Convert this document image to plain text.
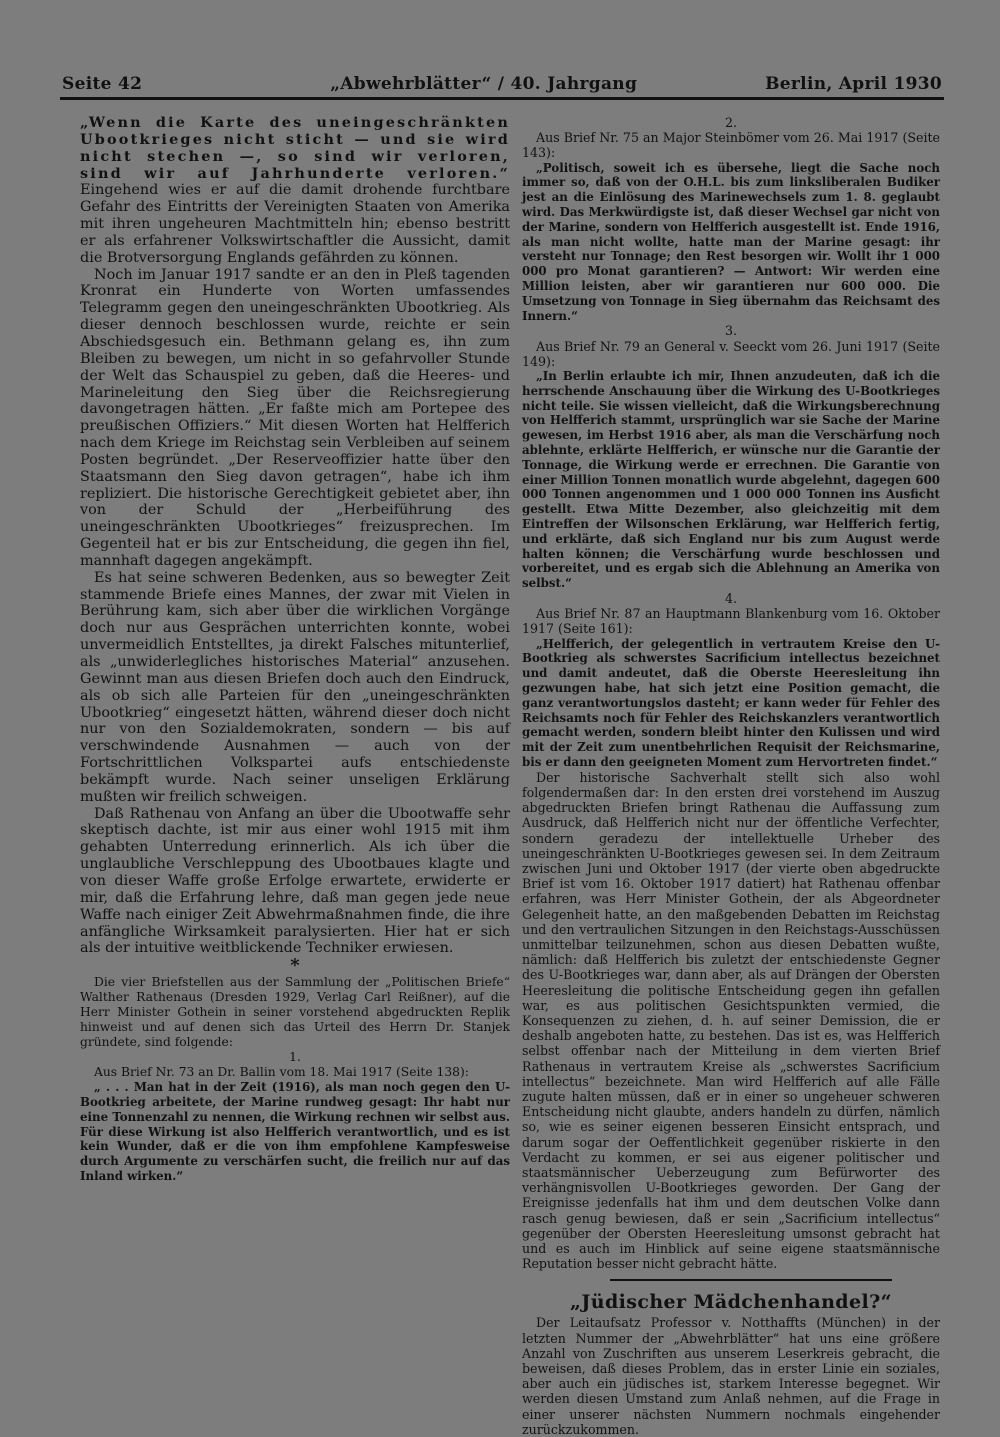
Seite 42	„Abwehrblätter“ / 40. Jahrgang	Berlin, April 1930

„Wenn die Karte des uneingeschränkten Ubootkrieges nicht sticht — und sie wird nicht stechen —, so sind wir verloren, sind wir auf Jahrhunderte verloren.“ Eingehend wies er auf die damit drohende furchtbare Gefahr des Eintritts der Vereinigten Staaten von Amerika mit ihren ungeheuren Machtmitteln hin; ebenso bestritt er als erfahrener Volkswirtschaftler die Aussicht, damit die Brotversorgung Englands gefährden zu können.

Noch im Januar 1917 sandte er an den in Pleß tagenden Kronrat ein Hunderte von Worten umfassendes Telegramm gegen den uneingeschränkten Ubootkrieg. Als dieser dennoch beschlossen wurde, reichte er sein Abschiedsgesuch ein. Bethmann gelang es, ihn zum Bleiben zu bewegen, um nicht in so gefahrvoller Stunde der Welt das Schauspiel zu geben, daß die Heeres- und Marineleitung den Sieg über die Reichsregierung davongetragen hätten. „Er faßte mich am Portepee des preußischen Offiziers.“ Mit diesen Worten hat Helfferich nach dem Kriege im Reichstag sein Verbleiben auf seinem Posten begründet. „Der Reserveoffizier hatte über den Staatsmann den Sieg davon getragen“, habe ich ihm repliziert. Die historische Gerechtigkeit gebietet aber, ihn von der Schuld der „Herbeiführung des uneingeschränkten Ubootkrieges“ freizusprechen. Im Gegenteil hat er bis zur Entscheidung, die gegen ihn fiel, mannhaft dagegen angekämpft.

Es hat seine schweren Bedenken, aus so bewegter Zeit stammende Briefe eines Mannes, der zwar mit Vielen in Berührung kam, sich aber über die wirklichen Vorgänge doch nur aus Gesprächen unterrichten konnte, wobei unvermeidlich Entstelltes, ja direkt Falsches mitunterlief, als „unwiderlegliches historisches Material“ anzusehen. Gewinnt man aus diesen Briefen doch auch den Eindruck, als ob sich alle Parteien für den „uneingeschränkten Ubootkrieg“ eingesetzt hätten, während dieser doch nicht nur von den Sozialdemokraten, sondern — bis auf verschwindende Ausnahmen — auch von der Fortschrittlichen Volkspartei aufs entschiedenste bekämpft wurde. Nach seiner unseligen Erklärung mußten wir freilich schweigen.

Daß Rathenau von Anfang an über die Ubootwaffe sehr skeptisch dachte, ist mir aus einer wohl 1915 mit ihm gehabten Unterredung erinnerlich. Als ich über die unglaubliche Verschleppung des Ubootbaues klagte und von dieser Waffe große Erfolge erwartete, erwiderte er mir, daß die Erfahrung lehre, daß man gegen jede neue Waffe nach einiger Zeit Abwehrmaßnahmen finde, die ihre anfängliche Wirksamkeit paralysierten. Hier hat er sich als der intuitive weitblickende Techniker erwiesen.

*

Die vier Briefstellen aus der Sammlung der „Politischen Briefe“ Walther Rathenaus (Dresden 1929, Verlag Carl Reißner), auf die Herr Minister Gothein in seiner vorstehend abgedruckten Replik hinweist und auf denen sich das Urteil des Herrn Dr. Stanjek gründete, sind folgende:

1.

Aus Brief Nr. 73 an Dr. Ballin vom 18. Mai 1917 (Seite 138):

„ . . . Man hat in der Zeit (1916), als man noch gegen den U-Bootkrieg arbeitete, der Marine rundweg gesagt: Ihr habt nur eine Tonnenzahl zu nennen, die Wirkung rechnen wir selbst aus. Für diese Wirkung ist also Helfferich verantwortlich, und es ist kein Wunder, daß er die von ihm empfohlene Kampfesweise durch Argumente zu verschärfen sucht, die freilich nur auf das Inland wirken.“

2.

Aus Brief Nr. 75 an Major Steinbömer vom 26. Mai 1917 (Seite 143):

„Politisch, soweit ich es übersehe, liegt die Sache noch immer so, daß von der O.H.L. bis zum linksliberalen Budiker jest an die Einlösung des Marinewechsels zum 1. 8. geglaubt wird. Das Merkwürdigste ist, daß dieser Wechsel gar nicht von der Marine, sondern von Helfferich ausgestellt ist. Ende 1916, als man nicht wollte, hatte man der Marine gesagt: ihr versteht nur Tonnage; den Rest besorgen wir. Wollt ihr 1 000 000 pro Monat garantieren? — Antwort: Wir werden eine Million leisten, aber wir garantieren nur 600 000. Die Umsetzung von Tonnage in Sieg übernahm das Reichsamt des Innern.“

3.

Aus Brief Nr. 79 an General v. Seeckt vom 26. Juni 1917 (Seite 149):

„In Berlin erlaubte ich mir, Ihnen anzudeuten, daß ich die herrschende Anschauung über die Wirkung des U-Bootkrieges nicht teile. Sie wissen vielleicht, daß die Wirkungsberechnung von Helfferich stammt, ursprünglich war sie Sache der Marine gewesen, im Herbst 1916 aber, als man die Verschärfung noch ablehnte, erklärte Helfferich, er wünsche nur die Garantie der Tonnage, die Wirkung werde er errechnen. Die Garantie von einer Million Tonnen monatlich wurde abgelehnt, dagegen 600 000 Tonnen angenommen und 1 000 000 Tonnen ins Ausficht gestellt. Etwa Mitte Dezember, also gleichzeitig mit dem Eintreffen der Wilsonschen Erklärung, war Helfferich fertig, und erklärte, daß sich England nur bis zum August werde halten können; die Verschärfung wurde beschlossen und vorbereitet, und es ergab sich die Ablehnung an Amerika von selbst.“

4.

Aus Brief Nr. 87 an Hauptmann Blankenburg vom 16. Oktober 1917 (Seite 161):

„Helfferich, der gelegentlich in vertrautem Kreise den U-Bootkrieg als schwerstes Sacrificium intellectus bezeichnet und damit andeutet, daß die Oberste Heeresleitung ihn gezwungen habe, hat sich jetzt eine Position gemacht, die ganz verantwortungslos dasteht; er kann weder für Fehler des Reichsamts noch für Fehler des Reichskanzlers verantwortlich gemacht werden, sondern bleibt hinter den Kulissen und wird mit der Zeit zum unentbehrlichen Requisit der Reichsmarine, bis er dann den geeigneten Moment zum Hervortreten findet.“

Der historische Sachverhalt stellt sich also wohl folgendermaßen dar: In den ersten drei vorstehend im Auszug abgedruckten Briefen bringt Rathenau die Auffassung zum Ausdruck, daß Helfferich nicht nur der öffentliche Verfechter, sondern geradezu der intellektuelle Urheber des uneingeschränkten U-Bootkrieges gewesen sei. In dem Zeitraum zwischen Juni und Oktober 1917 (der vierte oben abgedruckte Brief ist vom 16. Oktober 1917 datiert) hat Rathenau offenbar erfahren, was Herr Minister Gothein, der als Abgeordneter Gelegenheit hatte, an den maßgebenden Debatten im Reichstag und den vertraulichen Sitzungen in den Reichstags-Ausschüssen unmittelbar teilzunehmen, schon aus diesen Debatten wußte, nämlich: daß Helfferich bis zuletzt der entschiedenste Gegner des U-Bootkrieges war, dann aber, als auf Drängen der Obersten Heeresleitung die politische Entscheidung gegen ihn gefallen war, es aus politischen Gesichtspunkten vermied, die Konsequenzen zu ziehen, d. h. auf seiner Demission, die er deshalb angeboten hatte, zu bestehen. Das ist es, was Helfferich selbst offenbar nach der Mitteilung in dem vierten Brief Rathenaus in vertrautem Kreise als „schwerstes Sacrificium intellectus“ bezeichnete. Man wird Helfferich auf alle Fälle zugute halten müssen, daß er in einer so ungeheuer schweren Entscheidung nicht glaubte, anders handeln zu dürfen, nämlich so, wie es seiner eigenen besseren Einsicht entsprach, und darum sogar der Oeffentlichkeit gegenüber riskierte in den Verdacht zu kommen, er sei aus eigener politischer und staatsmännischer Ueberzeugung zum Befürworter des verhängnisvollen U-Bootkrieges geworden. Der Gang der Ereignisse jedenfalls hat ihm und dem deutschen Volke dann rasch genug bewiesen, daß er sein „Sacrificium intellectus“ gegenüber der Obersten Heeresleitung umsonst gebracht hat und es auch im Hinblick auf seine eigene staatsmännische Reputation besser nicht gebracht hätte.

„Jüdischer Mädchenhandel?“

Der Leitaufsatz Professor v. Notthaffts (München) in der letzten Nummer der „Abwehrblätter“ hat uns eine größere Anzahl von Zuschriften aus unserem Leserkreis gebracht, die beweisen, daß dieses Problem, das in erster Linie ein soziales, aber auch ein jüdisches ist, starkem Interesse begegnet. Wir werden diesen Umstand zum Anlaß nehmen, auf die Frage in einer unserer nächsten Nummern nochmals eingehender zurückzukommen.
